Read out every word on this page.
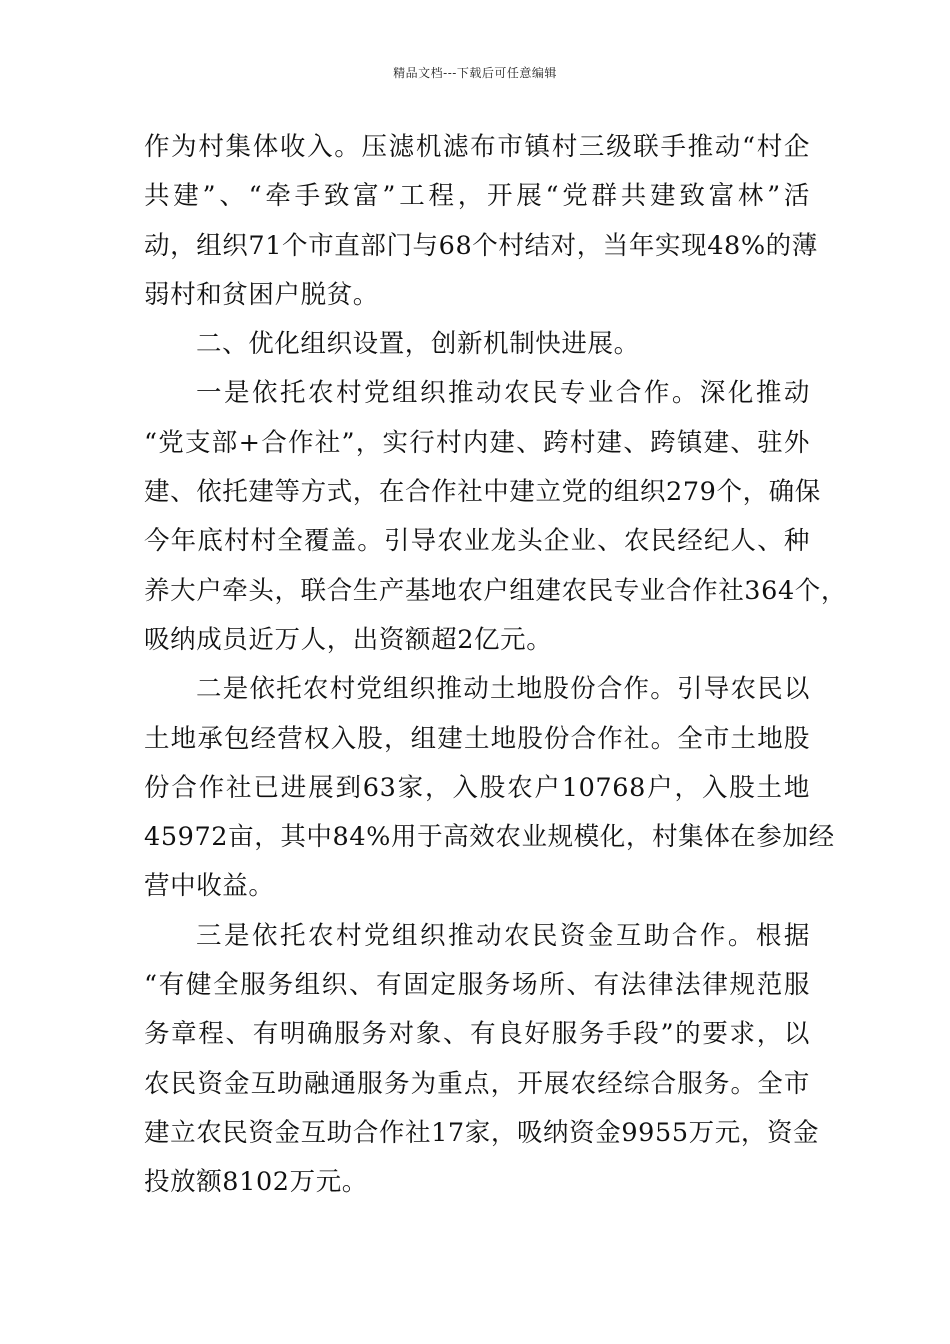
精品文档---下载后可任意编辑
作为村集体收入。压滤机滤布市镇村三级联手推动“村企
共建”、“牵手致富”工程，开展“党群共建致富林”活
动，组织71个市直部门与68个村结对，当年实现48%的薄
弱村和贫困户脱贫。
二、优化组织设置，创新机制快进展。
一是依托农村党组织推动农民专业合作。深化推动
“党支部+合作社”，实行村内建、跨村建、跨镇建、驻外
建、依托建等方式，在合作社中建立党的组织279个，确保
今年底村村全覆盖。引导农业龙头企业、农民经纪人、种
养大户牵头，联合生产基地农户组建农民专业合作社364个，
吸纳成员近万人，出资额超2亿元。
二是依托农村党组织推动土地股份合作。引导农民以
土地承包经营权入股，组建土地股份合作社。全市土地股
份合作社已进展到63家，入股农户10768户，入股土地
45972亩，其中84%用于高效农业规模化，村集体在参加经
营中收益。
三是依托农村党组织推动农民资金互助合作。根据
“有健全服务组织、有固定服务场所、有法律法律规范服
务章程、有明确服务对象、有良好服务手段”的要求，以
农民资金互助融通服务为重点，开展农经综合服务。全市
建立农民资金互助合作社17家，吸纳资金9955万元，资金
投放额8102万元。
